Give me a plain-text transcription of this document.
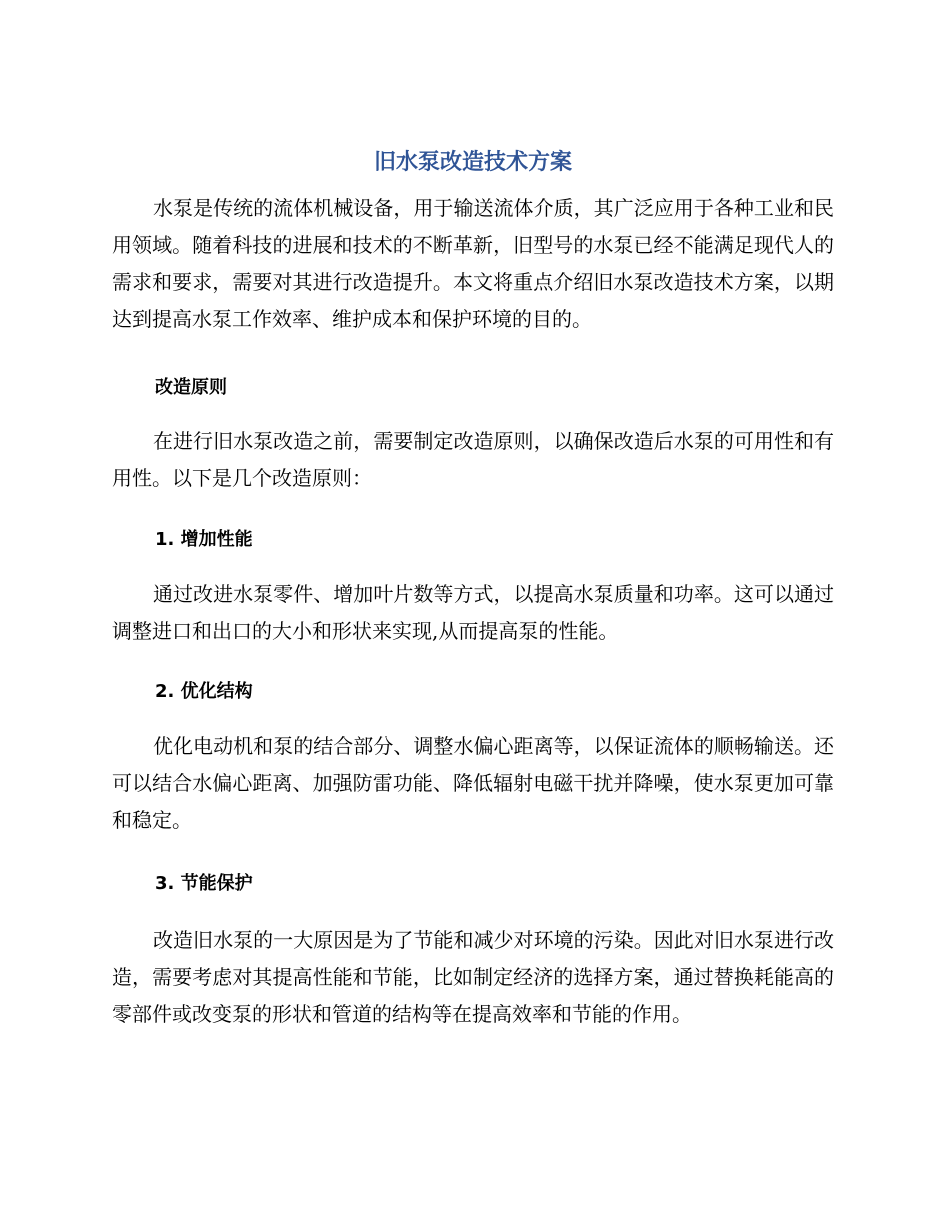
旧水泵改造技术方案

水泵是传统的流体机械设备，用于输送流体介质，其广泛应用于各种工业和民用领域。随着科技的进展和技术的不断革新，旧型号的水泵已经不能满足现代人的需求和要求，需要对其进行改造提升。本文将重点介绍旧水泵改造技术方案，以期达到提高水泵工作效率、维护成本和保护环境的目的。

改造原则

在进行旧水泵改造之前，需要制定改造原则，以确保改造后水泵的可用性和有用性。以下是几个改造原则：

1. 增加性能

通过改进水泵零件、增加叶片数等方式，以提高水泵质量和功率。这可以通过调整进口和出口的大小和形状来实现,从而提高泵的性能。

2. 优化结构

优化电动机和泵的结合部分、调整水偏心距离等，以保证流体的顺畅输送。还可以结合水偏心距离、加强防雷功能、降低辐射电磁干扰并降噪，使水泵更加可靠和稳定。

3. 节能保护

改造旧水泵的一大原因是为了节能和减少对环境的污染。因此对旧水泵进行改造，需要考虑对其提高性能和节能，比如制定经济的选择方案，通过替换耗能高的零部件或改变泵的形状和管道的结构等在提高效率和节能的作用。
